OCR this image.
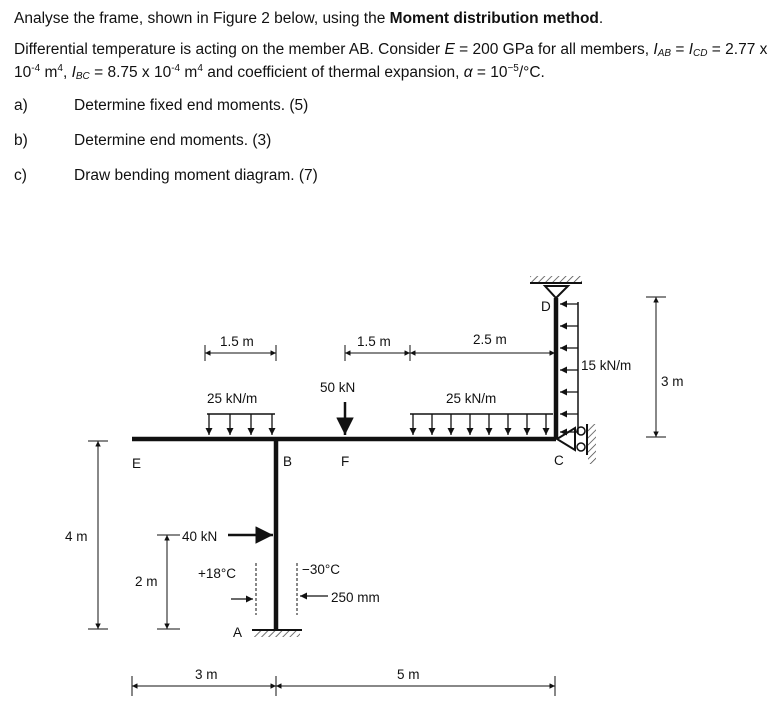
Analyse the frame, shown in Figure 2 below, using the Moment distribution method.

Differential temperature is acting on the member AB. Consider E = 200 GPa for all members, $I_{AB} = I_{CD} = 2.77$ x $10^{-4}$ $m^4$, $I_{BC} = 8.75$ x $10^{-4}$ $m^4$ and coefficient of thermal expansion, $\alpha = 10^{-5}/^\circ C$.

a)	Determine fixed end moments. (5)
b)	Determine end moments. (3)
c)	Draw bending moment diagram. (7)
1.5 m	1.5 m	2.5 m
25 kN/m
50 kN
25 kN/m
15 kN/m
3 m
E	B	F	C
D
A
4 m
2 m
40 kN
+18°C	−30°C
250 mm
3 m	5 m
